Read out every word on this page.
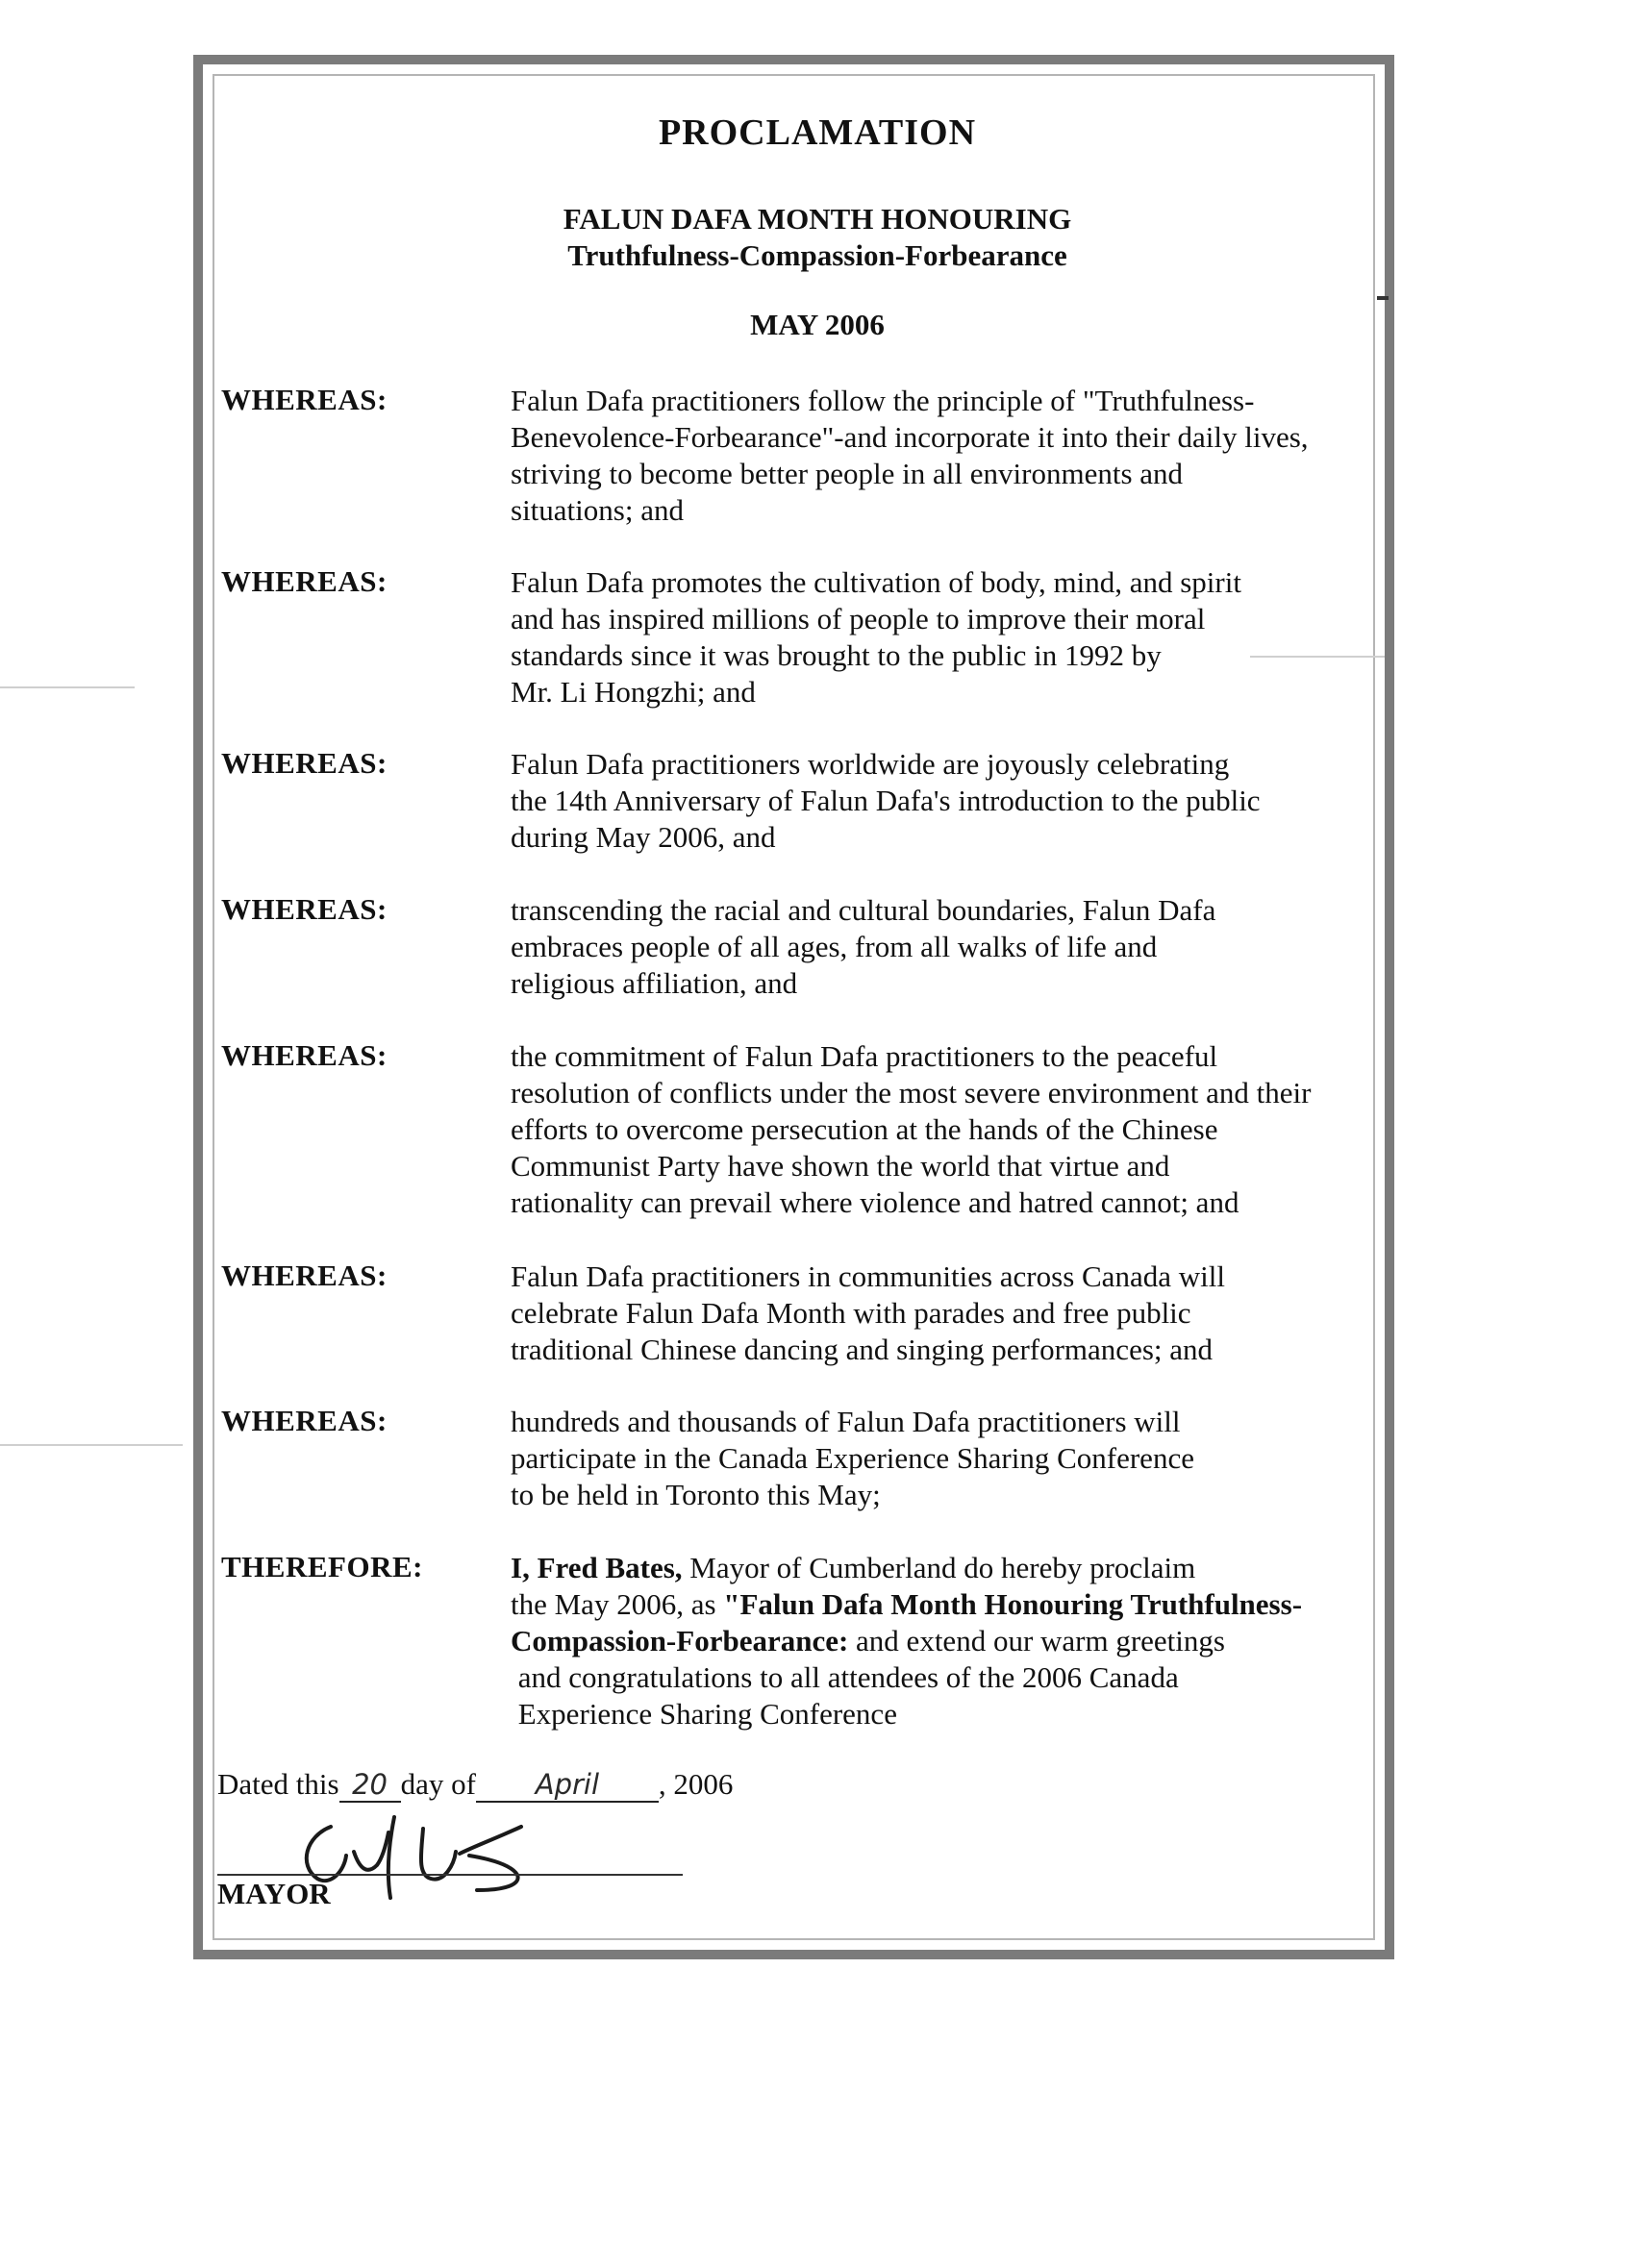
PROCLAMATION

FALUN DAFA MONTH HONOURING

Truthfulness-Compassion-Forbearance

MAY 2006

WHEREAS:	Falun Dafa practitioners follow the principle of "Truthfulness-
Benevolence-Forbearance"-and incorporate it into their daily lives,
striving to become better people in all environments and
situations; and

WHEREAS:	Falun Dafa promotes the cultivation of body, mind, and spirit
and has inspired millions of people to improve their moral
standards since it was brought to the public in 1992 by
Mr. Li Hongzhi; and

WHEREAS:	Falun Dafa practitioners worldwide are joyously celebrating
the 14th Anniversary of Falun Dafa's introduction to the public
during May 2006, and

WHEREAS:	transcending the racial and cultural boundaries, Falun Dafa
embraces people of all ages, from all walks of life and
religious affiliation, and

WHEREAS:	the commitment of Falun Dafa practitioners to the peaceful
resolution of conflicts under the most severe environment and their
efforts to overcome persecution at the hands of the Chinese
Communist Party have shown the world that virtue and
rationality can prevail where violence and hatred cannot; and

WHEREAS:	Falun Dafa practitioners in communities across Canada will
celebrate Falun Dafa Month with parades and free public
traditional Chinese dancing and singing performances; and

WHEREAS:	hundreds and thousands of Falun Dafa practitioners will
participate in the Canada Experience Sharing Conference
to be held in Toronto this May;

THEREFORE:	I, Fred Bates, Mayor of Cumberland do hereby proclaim
the May 2006, as "Falun Dafa Month Honouring Truthfulness-
Compassion-Forbearance: and extend our warm greetings
and congratulations to all attendees of the 2006 Canada
Experience Sharing Conference

Dated this 20 day of April , 2006
MAYOR
